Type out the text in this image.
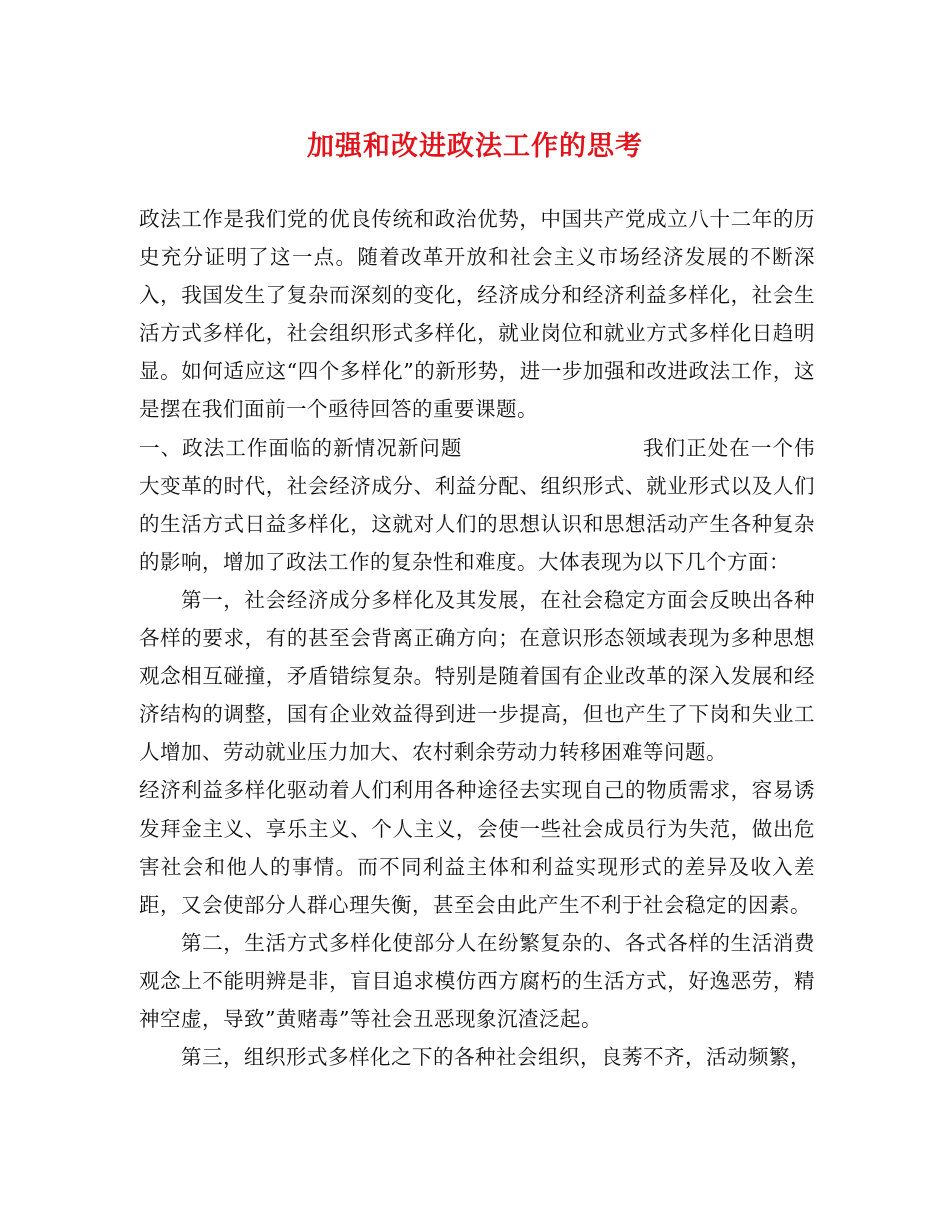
加强和改进政法工作的思考

政法工作是我们党的优良传统和政治优势，中国共产党成立八十二年的历史充分证明了这一点。随着改革开放和社会主义市场经济发展的不断深入，我国发生了复杂而深刻的变化，经济成分和经济利益多样化，社会生活方式多样化，社会组织形式多样化，就业岗位和就业方式多样化日趋明显。如何适应这“四个多样化”的新形势，进一步加强和改进政法工作，这是摆在我们面前一个亟待回答的重要课题。

一、政法工作面临的新情况新问题	我们正处在一个伟大变革的时代，社会经济成分、利益分配、组织形式、就业形式以及人们的生活方式日益多样化，这就对人们的思想认识和思想活动产生各种复杂的影响，增加了政法工作的复杂性和难度。大体表现为以下几个方面：

第一，社会经济成分多样化及其发展，在社会稳定方面会反映出各种各样的要求，有的甚至会背离正确方向；在意识形态领域表现为多种思想观念相互碰撞，矛盾错综复杂。特别是随着国有企业改革的深入发展和经济结构的调整，国有企业效益得到进一步提高，但也产生了下岗和失业工人增加、劳动就业压力加大、农村剩余劳动力转移困难等问题。

经济利益多样化驱动着人们利用各种途径去实现自己的物质需求，容易诱发拜金主义、享乐主义、个人主义，会使一些社会成员行为失范，做出危害社会和他人的事情。而不同利益主体和利益实现形式的差异及收入差距，又会使部分人群心理失衡，甚至会由此产生不利于社会稳定的因素。

第二，生活方式多样化使部分人在纷繁复杂的、各式各样的生活消费观念上不能明辨是非，盲目追求模仿西方腐朽的生活方式，好逸恶劳，精神空虚，导致”黄赌毒”等社会丑恶现象沉渣泛起。

第三，组织形式多样化之下的各种社会组织，良莠不齐，活动频繁，
